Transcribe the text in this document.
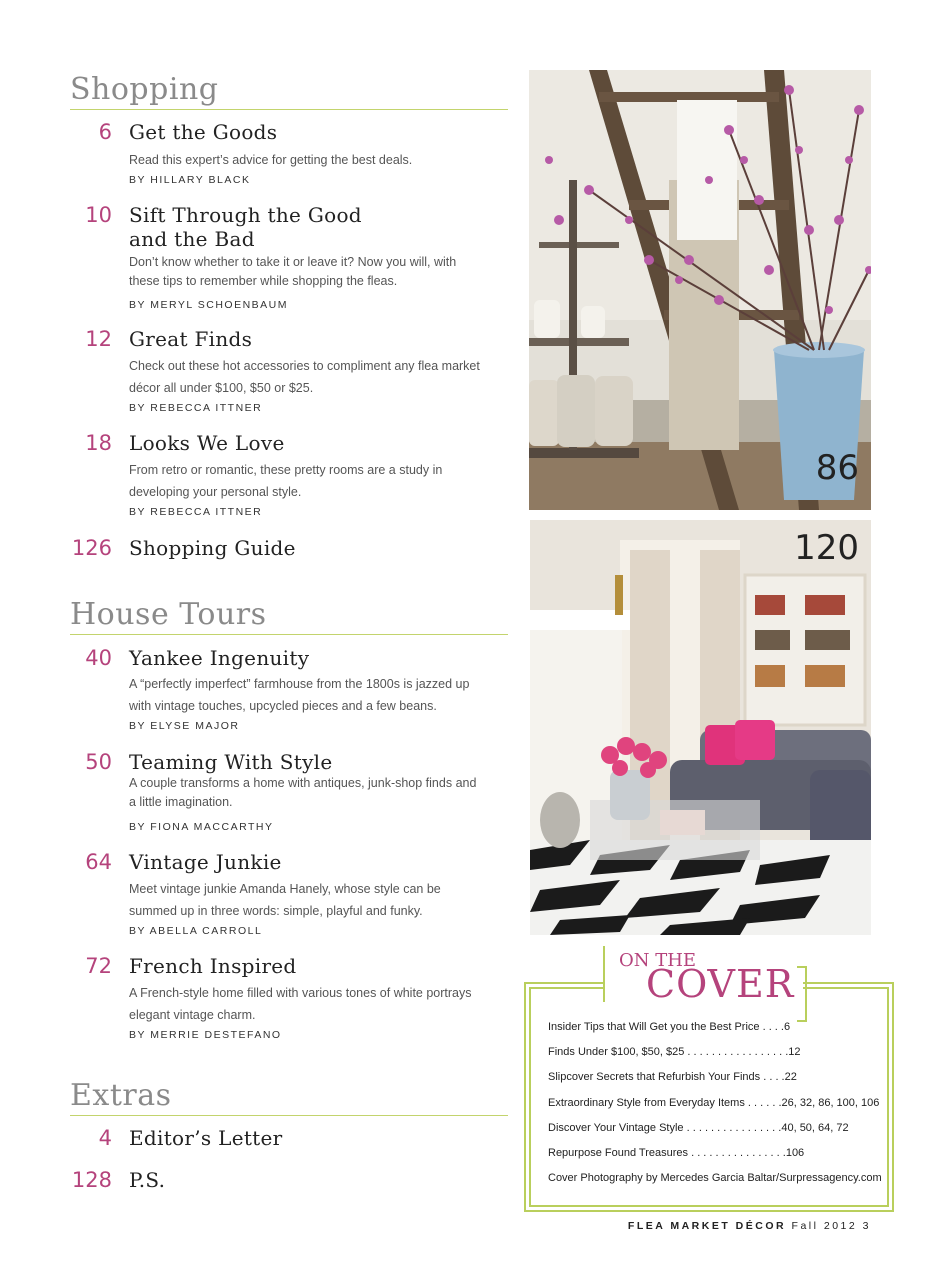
Shopping
6 Get the Goods
Read this expert’s advice for getting the best deals.
BY HILLARY BLACK
10 Sift Through the Good
and the Bad
Don’t know whether to take it or leave it? Now you will, with
these tips to remember while shopping the fleas.
BY MERYL SCHOENBAUM
12 Great Finds
Check out these hot accessories to compliment any flea market
décor all under $100, $50 or $25.
BY REBECCA ITTNER
18 Looks We Love
From retro or romantic, these pretty rooms are a study in
developing your personal style.
BY REBECCA ITTNER
126 Shopping Guide
House Tours
40 Yankee Ingenuity
A “perfectly imperfect” farmhouse from the 1800s is jazzed up
with vintage touches, upcycled pieces and a few beans.
BY ELYSE MAJOR
50 Teaming With Style
A couple transforms a home with antiques, junk-shop finds and
a little imagination.
BY FIONA MACCARTHY
64 Vintage Junkie
Meet vintage junkie Amanda Hanely, whose style can be
summed up in three words: simple, playful and funky.
BY ABELLA CARROLL
72 French Inspired
A French-style home filled with various tones of white portrays
elegant vintage charm.
BY MERRIE DESTEFANO
Extras
4 Editor’s Letter
128 P.S.
86
120
ON THE
COVER
Insider Tips that Will Get you the Best Price . . . .6
Finds Under $100, $50, $25 . . . . . . . . . . . . . . . . .12
Slipcover Secrets that Refurbish Your Finds . . . .22
Extraordinary Style from Everyday Items . . . . . .26, 32, 86, 100, 106
Discover Your Vintage Style . . . . . . . . . . . . . . . .40, 50, 64, 72
Repurpose Found Treasures . . . . . . . . . . . . . . . .106
Cover Photography by Mercedes Garcia Baltar/Surpressagency.com
FLEA MARKET DÉCOR Fall 2012 3
